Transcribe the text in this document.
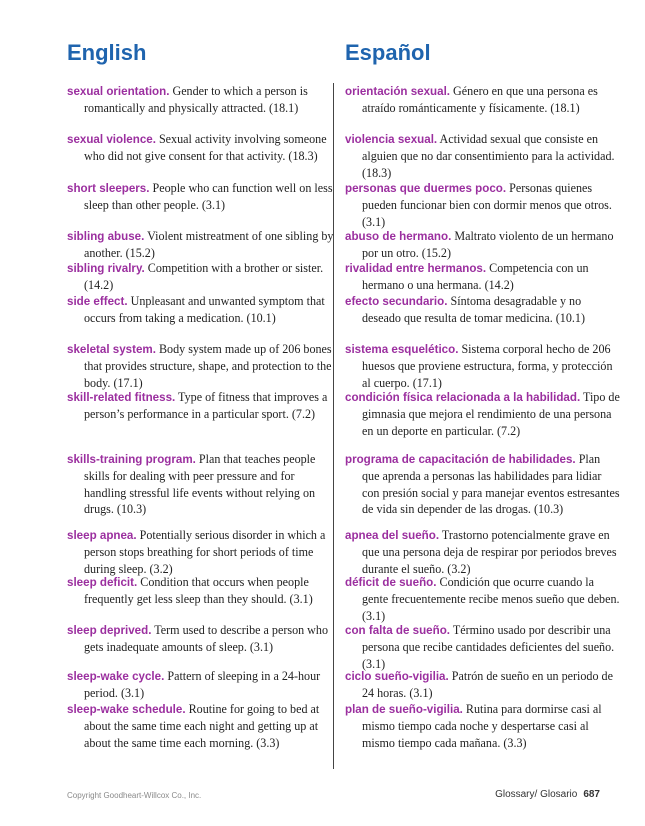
English	Español

sexual orientation. Gender to which a person is romantically and physically attracted. (18.1)

sexual violence. Sexual activity involving someone who did not give consent for that activity. (18.3)

short sleepers. People who can function well on less sleep than other people. (3.1)

sibling abuse. Violent mistreatment of one sibling by another. (15.2)

sibling rivalry. Competition with a brother or sister. (14.2)

side effect. Unpleasant and unwanted symptom that occurs from taking a medication. (10.1)

skeletal system. Body system made up of 206 bones that provides structure, shape, and protection to the body. (17.1)

skill-related fitness. Type of fitness that improves a person’s performance in a particular sport. (7.2)

skills-training program. Plan that teaches people skills for dealing with peer pressure and for handling stressful life events without relying on drugs. (10.3)

sleep apnea. Potentially serious disorder in which a person stops breathing for short periods of time during sleep. (3.2)

sleep deficit. Condition that occurs when people frequently get less sleep than they should. (3.1)

sleep deprived. Term used to describe a person who gets inadequate amounts of sleep. (3.1)

sleep-wake cycle. Pattern of sleeping in a 24-hour period. (3.1)

sleep-wake schedule. Routine for going to bed at about the same time each night and getting up at about the same time each morning. (3.3)

orientación sexual. Género en que una persona es atraído románticamente y físicamente. (18.1)

violencia sexual. Actividad sexual que consiste en alguien que no dar consentimiento para la actividad. (18.3)

personas que duermes poco. Personas quienes pueden funcionar bien con dormir menos que otros. (3.1)

abuso de hermano. Maltrato violento de un hermano por un otro. (15.2)

rivalidad entre hermanos. Competencia con un hermano o una hermana. (14.2)

efecto secundario. Síntoma desagradable y no deseado que resulta de tomar medicina. (10.1)

sistema esquelético. Sistema corporal hecho de 206 huesos que proviene estructura, forma, y protección al cuerpo. (17.1)

condición física relacionada a la habilidad. Tipo de gimnasia que mejora el rendimiento de una persona en un deporte en particular. (7.2)

programa de capacitación de habilidades. Plan que aprenda a personas las habilidades para lidiar con presión social y para manejar eventos estresantes de vida sin depender de las drogas. (10.3)

apnea del sueño. Trastorno potencialmente grave en que una persona deja de respirar por periodos breves durante el sueño. (3.2)

déficit de sueño. Condición que ocurre cuando la gente frecuentemente recibe menos sueño que deben. (3.1)

con falta de sueño. Término usado por describir una persona que recibe cantidades deficientes del sueño. (3.1)

ciclo sueño-vigilia. Patrón de sueño en un periodo de 24 horas. (3.1)

plan de sueño-vigilia. Rutina para dormirse casi al mismo tiempo cada noche y despertarse casi al mismo tiempo cada mañana. (3.3)

Copyright Goodheart-Willcox Co., Inc.	Glossary/ Glosario 687
